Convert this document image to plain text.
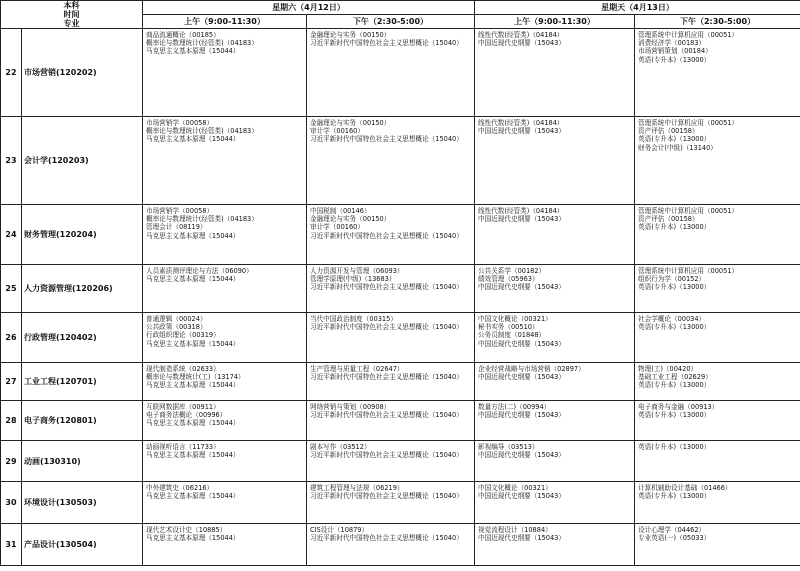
本科
时间
专业		星期六（4月12日）		星期天（4月13日）	
		上午（9:00-11:30）	下午（2:30-5:00）	上午（9:00-11:30）	下午（2:30-5:00）
22	市场营销(120202)	商品流通概论（00185）
概率论与数理统计(经管类)（04183）
马克思主义基本原理（15044）	金融理论与实务（00150）
习近平新时代中国特色社会主义思想概论（15040）	线性代数(经管类)（04184）
中国近现代史纲要（15043）	管理系统中计算机应用（00051）
消费经济学（00183）
市场营销策划（00184）
英语(专升本)（13000）

23	会计学(120203)	市场营销学（00058）
概率论与数理统计(经管类)（04183）
马克思主义基本原理（15044）	金融理论与实务（00150）
审计学（00160）
习近平新时代中国特色社会主义思想概论（15040）	线性代数(经管类)（04184）
中国近现代史纲要（15043）	管理系统中计算机应用（00051）
资产评估（00158）
英语(专升本)（13000）
财务会计(中级)（13140）

24	财务管理(120204)	市场营销学（00058）
概率论与数理统计(经管类)（04183）
管理会计（08119）
马克思主义基本原理（15044）	中国税制（00146）
金融理论与实务（00150）
审计学（00160）
习近平新时代中国特色社会主义思想概论（15040）	线性代数(经管类)（04184）
中国近现代史纲要（15043）	管理系统中计算机应用（00051）
资产评估（00158）
英语(专升本)（13000）

25	人力资源管理(120206)	人员素质测评理论与方法（06090）
马克思主义基本原理（15044）	人力资源开发与管理（06093）
管理学原理(中级)（13683）
习近平新时代中国特色社会主义思想概论（15040）	公共关系学（00182）
绩效管理（05963）
中国近现代史纲要（15043）	管理系统中计算机应用（00051）
组织行为学（00152）
英语(专升本)（13000）

26	行政管理(120402)	普通逻辑（00024）
公共政策（00318）
行政组织理论（00319）
马克思主义基本原理（15044）	当代中国政治制度（00315）
习近平新时代中国特色社会主义思想概论（15040）	中国文化概论（00321）
秘书实务（00510）
公务员制度（01848）
中国近现代史纲要（15043）	社会学概论（00034）
英语(专升本)（13000）

27	工业工程(120701)	现代制造系统（02633）
概率论与数理统计(工)（13174）
马克思主义基本原理（15044）	生产管理与质量工程（02647）
习近平新时代中国特色社会主义思想概论（15040）	企业经营战略与市场营销（02897）
中国近现代史纲要（15043）	物理(工)（00420）
基础工业工程（02629）
英语(专升本)（13000）

28	电子商务(120801)	互联网数据库（00911）
电子商务法概论（00996）
马克思主义基本原理（15044）	网络营销与策划（00908）
习近平新时代中国特色社会主义思想概论（15040）	数量方法(二)（00994）
中国近现代史纲要（15043）	电子商务与金融（00913）
英语(专升本)（13000）

29	动画(130310)	动画视听语言（11733）
马克思主义基本原理（15044）	剧本写作（03512）
习近平新时代中国特色社会主义思想概论（15040）	影视编导（03513）
中国近现代史纲要（15043）	英语(专升本)（13000）

30	环境设计(130503)	中外建筑史（06216）
马克思主义基本原理（15044）	建筑工程管理与法规（06219）
习近平新时代中国特色社会主义思想概论（15040）	中国文化概论（00321）
中国近现代史纲要（15043）	计算机辅助设计基础（01466）
英语(专升本)（13000）

31	产品设计(130504)	现代艺术设计史（10885）
马克思主义基本原理（15044）	CIS设计（10879）
习近平新时代中国特色社会主义思想概论（15040）	视觉流程设计（10884）
中国近现代史纲要（15043）	设计心理学（04462）
专业英语(一)（05033）
